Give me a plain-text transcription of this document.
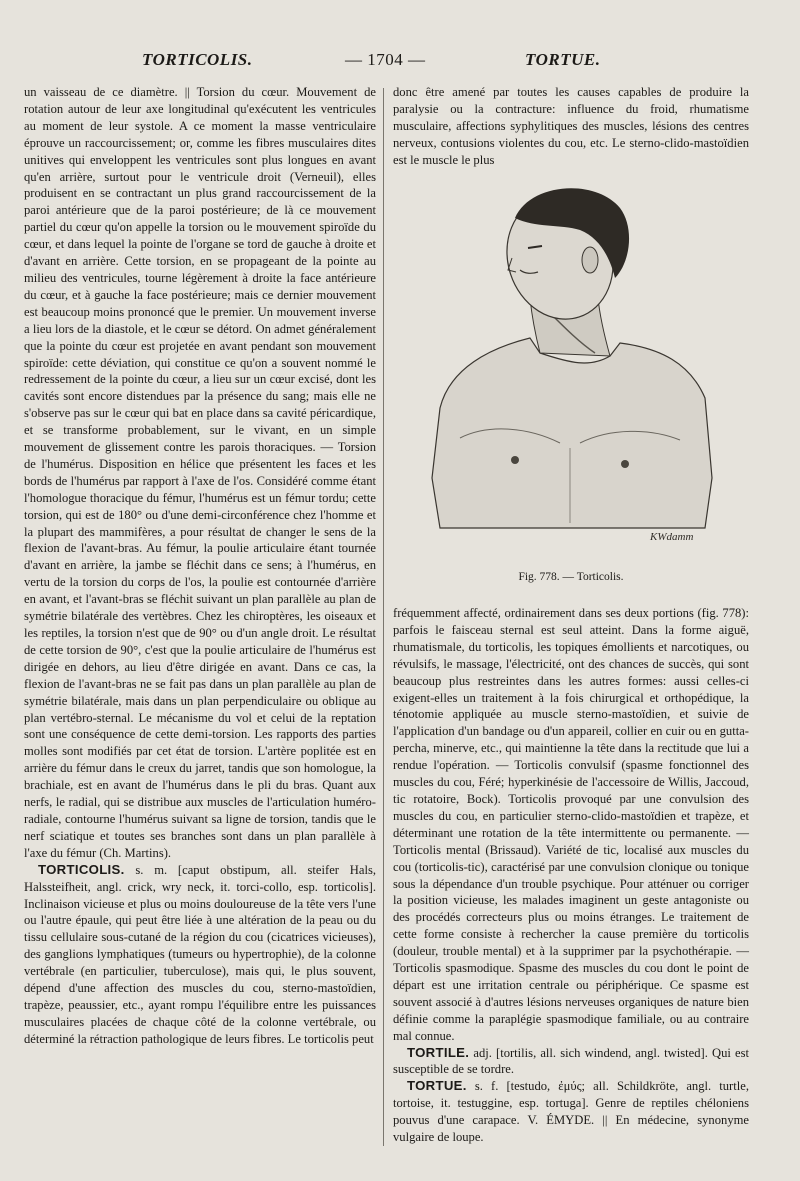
TORTICOLIS.	— 1704 —	TORTUE.

un vaisseau de ce diamètre. || Torsion du cœur. Mouvement de rotation autour de leur axe longitudinal qu'exécutent les ventricules au moment de leur systole. A ce moment la masse ventriculaire éprouve un raccourcissement; or, comme les fibres musculaires dites unitives qui enveloppent les ventricules sont plus longues en avant qu'en arrière, surtout pour le ventricule droit (Verneuil), elles produisent en se contractant un plus grand raccourcissement de la paroi antérieure que de la paroi postérieure; de là ce mouvement partiel du cœur qu'on appelle la torsion ou le mouvement spiroïde du cœur, et dans lequel la pointe de l'organe se tord de gauche à droite et d'avant en arrière. Cette torsion, en se propageant de la pointe au milieu des ventricules, tourne légèrement à droite la face antérieure du cœur, et à gauche la face postérieure; mais ce dernier mouvement est beaucoup moins prononcé que le premier. Un mouvement inverse a lieu lors de la diastole, et le cœur se détord. On admet généralement que la pointe du cœur est projetée en avant pendant son mouvement spiroïde: cette déviation, qui constitue ce qu'on a souvent nommé le redressement de la pointe du cœur, a lieu sur un cœur excisé, dont les cavités sont encore distendues par la présence du sang; mais elle ne s'observe pas sur le cœur qui bat en place dans sa cavité péricardique, et se transforme probablement, sur le vivant, en un simple mouvement de glissement contre les parois thoraciques. — Torsion de l'humérus. Disposition en hélice que présentent les faces et les bords de l'humérus par rapport à l'axe de l'os. Considéré comme étant l'homologue thoracique du fémur, l'humérus est un fémur tordu; cette torsion, qui est de 180° ou d'une demi-circonférence chez l'homme et la plupart des mammifères, a pour résultat de changer le sens de la flexion de l'avant-bras. Au fémur, la poulie articulaire étant tournée d'avant en arrière, la jambe se fléchit dans ce sens; à l'humérus, en vertu de la torsion du corps de l'os, la poulie est contournée d'arrière en avant, et l'avant-bras se fléchit suivant un plan parallèle au plan de symétrie bilatérale des vertèbres. Chez les chiroptères, les oiseaux et les reptiles, la torsion n'est que de 90° ou d'un angle droit. Le résultat de cette torsion de 90°, c'est que la poulie articulaire de l'humérus est dirigée en dehors, au lieu d'être dirigée en avant. Dans ce cas, la flexion de l'avant-bras ne se fait pas dans un plan parallèle au plan de symétrie bilatérale, mais dans un plan perpendiculaire ou oblique au plan vertébro-sternal. Le mécanisme du vol et celui de la reptation sont une conséquence de cette demi-torsion. Les rapports des parties molles sont modifiés par cet état de torsion. L'artère poplitée est en arrière du fémur dans le creux du jarret, tandis que son homologue, la brachiale, est en avant de l'humérus dans le pli du bras. Quant aux nerfs, le radial, qui se distribue aux muscles de l'articulation huméro-radiale, contourne l'humérus suivant sa ligne de torsion, tandis que le nerf sciatique et toutes ses branches sont dans un plan parallèle à l'axe du fémur (Ch. Martins).

TORTICOLIS. s. m. [caput obstipum, all. steifer Hals, Halssteifheit, angl. crick, wry neck, it. torci-collo, esp. torticolis]. Inclinaison vicieuse et plus ou moins douloureuse de la tête vers l'une ou l'autre épaule, qui peut être liée à une altération de la peau ou du tissu cellulaire sous-cutané de la région du cou (cicatrices vicieuses), des ganglions lymphatiques (tumeurs ou hypertrophie), de la colonne vertébrale (en particulier, tuberculose), mais qui, le plus souvent, dépend d'une affection des muscles du cou, sterno-mastoïdien, trapèze, peaussier, etc., ayant rompu l'équilibre entre les puissances musculaires placées de chaque côté de la colonne vertébrale, ou déterminé la rétraction pathologique de leurs fibres. Le torticolis peut

donc être amené par toutes les causes capables de produire la paralysie ou la contracture: influence du froid, rhumatisme musculaire, affections syphylitiques des muscles, lésions des centres nerveux, contusions violentes du cou, etc. Le sterno-clido-mastoïdien est le muscle le plus

KWdamm
Fig. 778. — Torticolis.

fréquemment affecté, ordinairement dans ses deux portions (fig. 778): parfois le faisceau sternal est seul atteint. Dans la forme aiguë, rhumatismale, du torticolis, les topiques émollients et narcotiques, ou révulsifs, le massage, l'électricité, ont des chances de succès, qui sont beaucoup plus restreintes dans les autres formes: aussi celles-ci exigent-elles un traitement à la fois chirurgical et orthopédique, la ténotomie appliquée au muscle sterno-mastoïdien, et suivie de l'application d'un bandage ou d'un appareil, collier en cuir ou en gutta-percha, minerve, etc., qui maintienne la tête dans la rectitude que lui a rendue l'opération. — Torticolis convulsif (spasme fonctionnel des muscles du cou, Féré; hyperkinésie de l'accessoire de Willis, Jaccoud, tic rotatoire, Bock). Torticolis provoqué par une convulsion des muscles du cou, en particulier sterno-clido-mastoïdien et trapèze, et déterminant une rotation de la tête intermittente ou permanente. — Torticolis mental (Brissaud). Variété de tic, localisé aux muscles du cou (torticolis-tic), caractérisé par une convulsion clonique ou tonique sous la dépendance d'un trouble psychique. Pour atténuer ou corriger la position vicieuse, les malades imaginent un geste antagoniste ou des procédés correcteurs plus ou moins étranges. Le traitement de cette forme consiste à rechercher la cause première du torticolis (douleur, trouble mental) et à la supprimer par la psychothérapie. — Torticolis spasmodique. Spasme des muscles du cou dont le point de départ est une irritation centrale ou périphérique. Ce spasme est souvent associé à d'autres lésions nerveuses organiques de nature bien définie comme la paraplégie spasmodique familiale, ou au contraire mal connue.

TORTILE. adj. [tortilis, all. sich windend, angl. twisted]. Qui est susceptible de se tordre.

TORTUE. s. f. [testudo, ἐμύς; all. Schildkröte, angl. turtle, tortoise, it. testuggine, esp. tortuga]. Genre de reptiles chéloniens pouvus d'une carapace. V. ÉMYDE. || En médecine, synonyme vulgaire de loupe.
